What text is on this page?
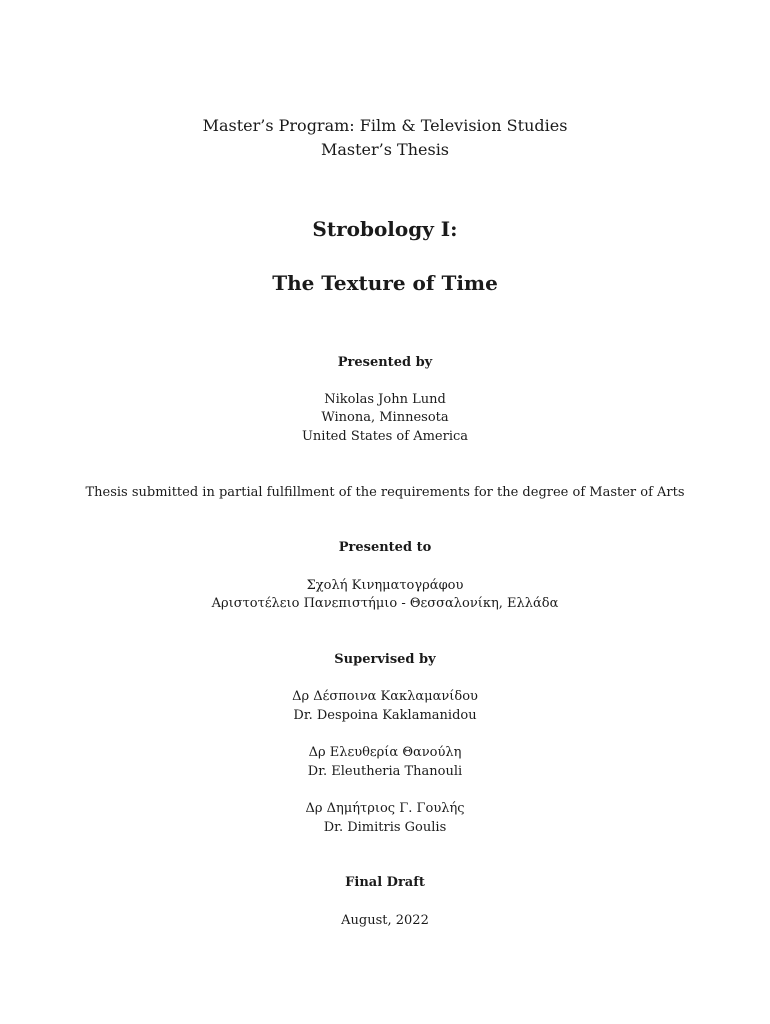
Master’s Program: Film & Television Studies
Master’s Thesis
Strobology I:
The Texture of Time
Presented by
Nikolas John Lund
Winona, Minnesota
United States of America
Thesis submitted in partial fulfillment of the requirements for the degree of Master of Arts
Presented to
Σχολή Κινηματογράφου
Αριστοτέλειο Πανεπιστήμιο - Θεσσαλονίκη, Ελλάδα
Supervised by
Δρ Δέσποινα Κακλαμανίδου
Dr. Despoina Kaklamanidou
Δρ Ελευθερία Θανούλη
Dr. Eleutheria Thanouli
Δρ Δημήτριος Γ. Γουλής
Dr. Dimitris Goulis
Final Draft
August, 2022
